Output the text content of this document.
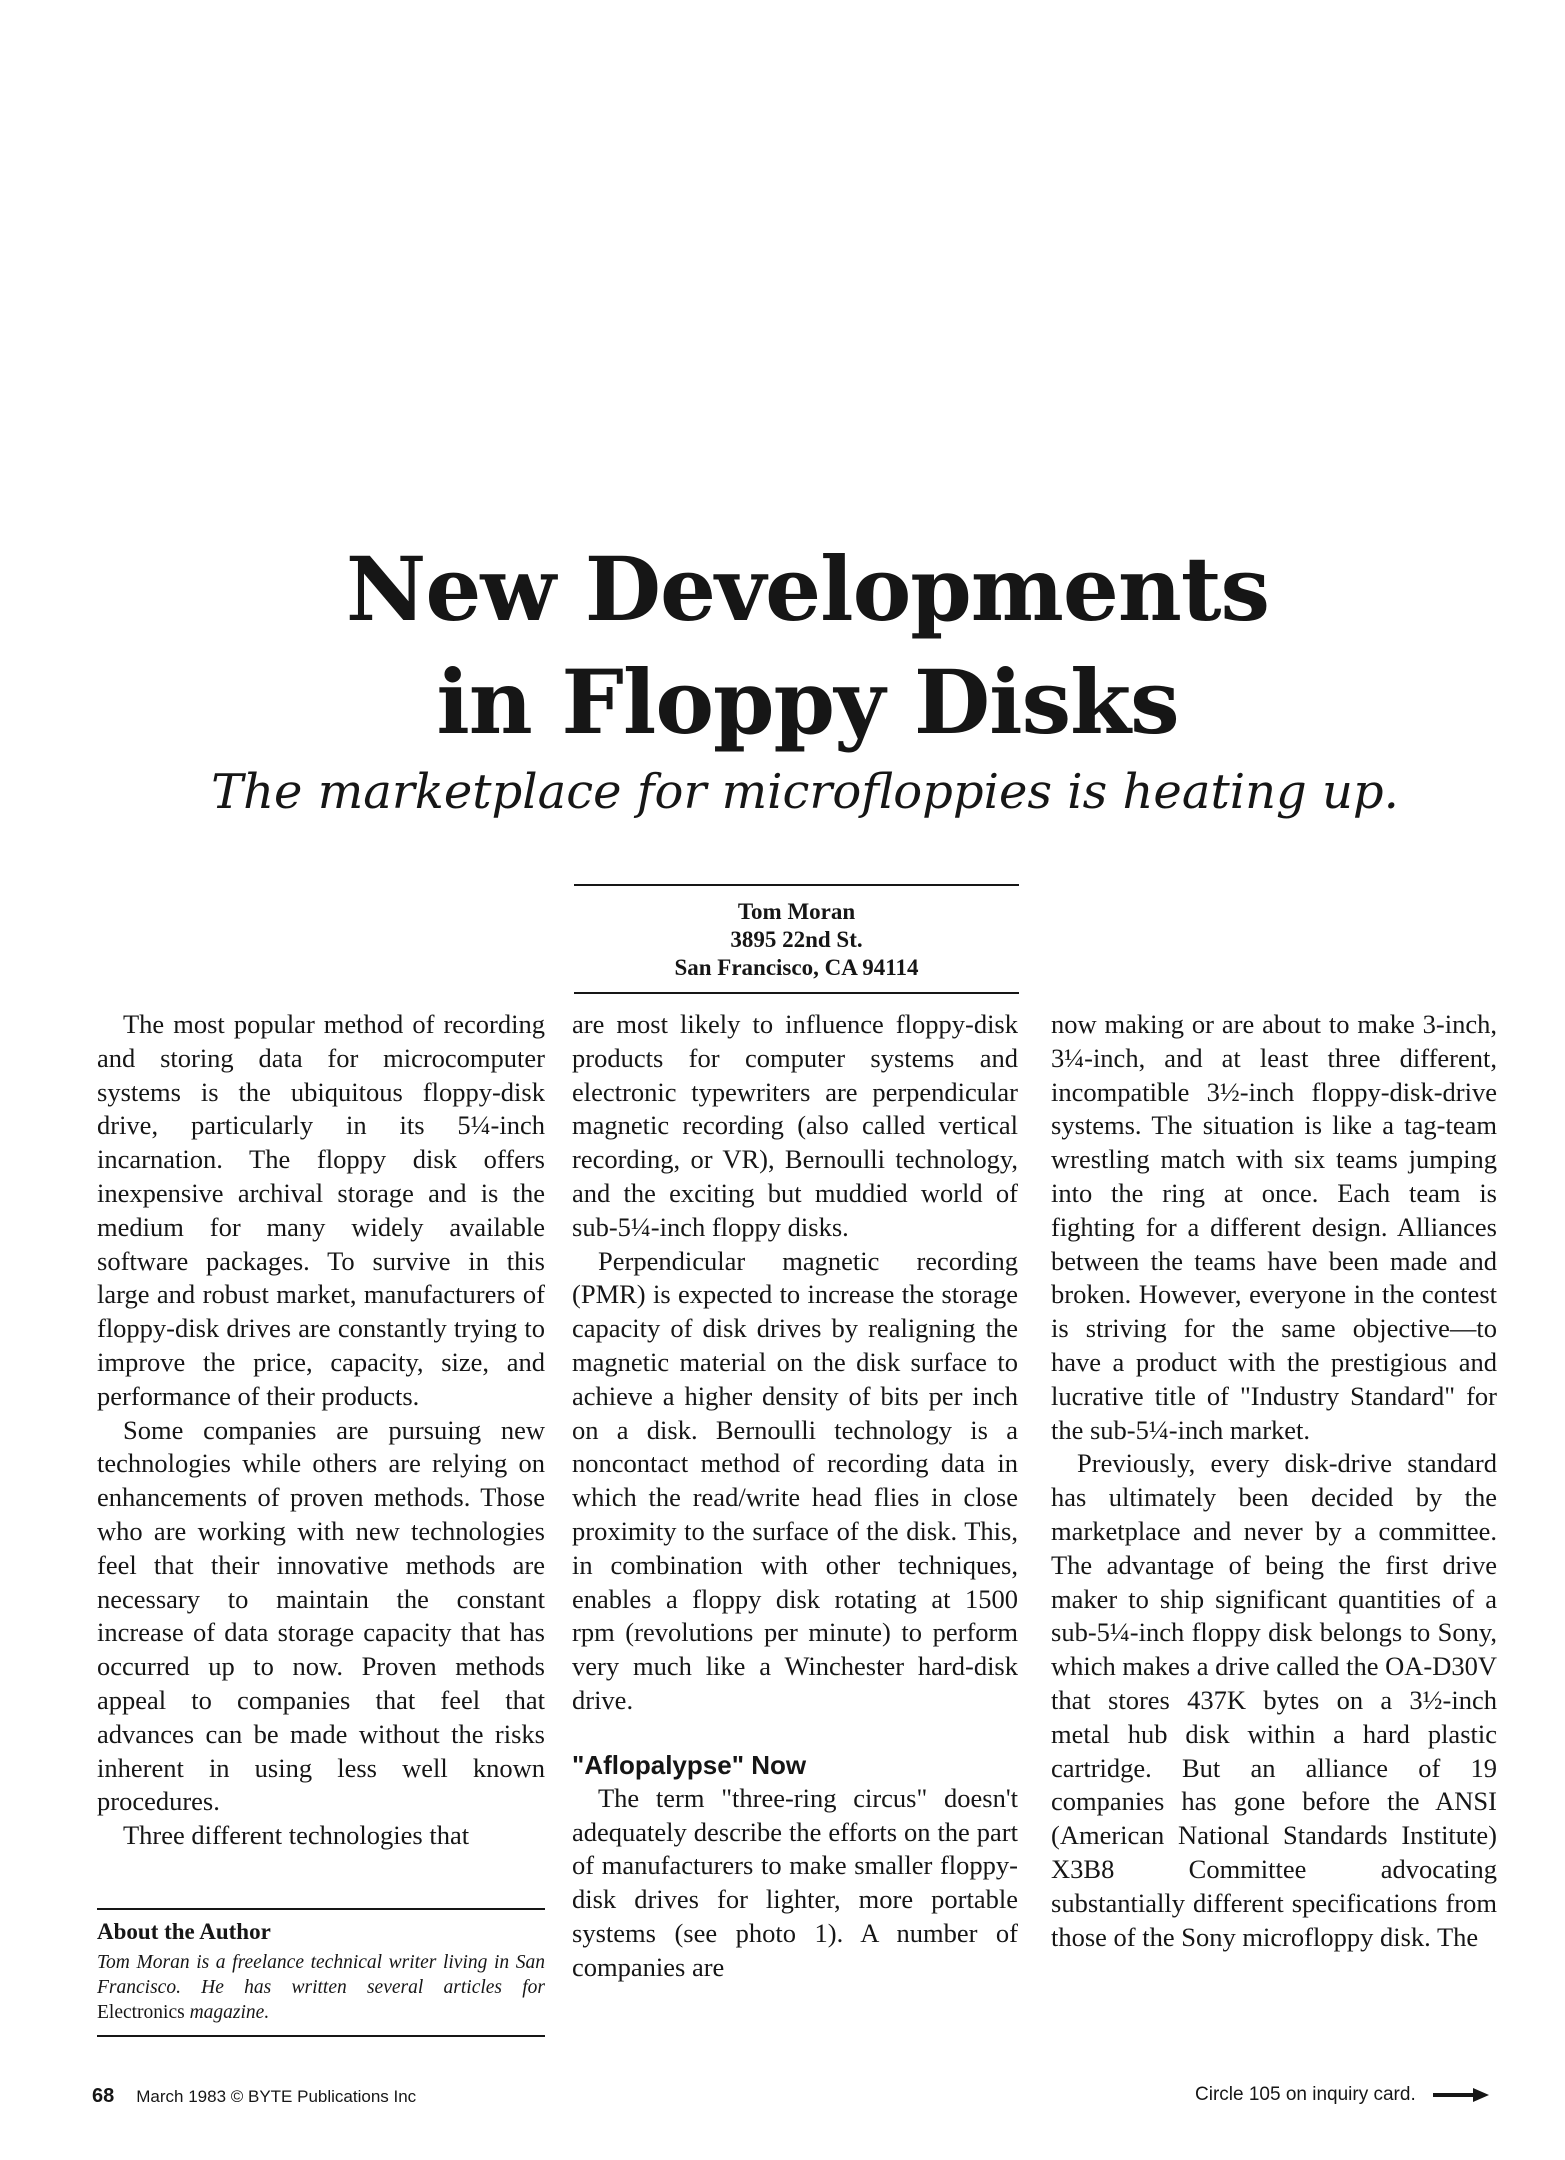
New Developments
in Floppy Disks

The marketplace for microfloppies is heating up.

Tom Moran
3895 22nd St.
San Francisco, CA 94114

The most popular method of recording and storing data for microcomputer systems is the ubiquitous floppy-disk drive, particularly in its 5¼-inch incarnation. The floppy disk offers inexpensive archival storage and is the medium for many widely available software packages. To survive in this large and robust market, manufacturers of floppy-disk drives are constantly trying to improve the price, capacity, size, and performance of their products.

Some companies are pursuing new technologies while others are relying on enhancements of proven methods. Those who are working with new technologies feel that their innovative methods are necessary to maintain the constant increase of data storage capacity that has occurred up to now. Proven methods appeal to companies that feel that advances can be made without the risks inherent in using less well known procedures.

Three different technologies that

are most likely to influence floppy-disk products for computer systems and electronic typewriters are perpendicular magnetic recording (also called vertical recording, or VR), Bernoulli technology, and the exciting but muddied world of sub-5¼-inch floppy disks.

Perpendicular magnetic recording (PMR) is expected to increase the storage capacity of disk drives by realigning the magnetic material on the disk surface to achieve a higher density of bits per inch on a disk. Bernoulli technology is a noncontact method of recording data in which the read/write head flies in close proximity to the surface of the disk. This, in combination with other techniques, enables a floppy disk rotating at 1500 rpm (revolutions per minute) to perform very much like a Winchester hard-disk drive.

"Aflopalypse" Now

The term "three-ring circus" doesn't adequately describe the efforts on the part of manufacturers to make smaller floppy-disk drives for lighter, more portable systems (see photo 1). A number of companies are

now making or are about to make 3-inch, 3¼-inch, and at least three different, incompatible 3½-inch floppy-disk-drive systems. The situation is like a tag-team wrestling match with six teams jumping into the ring at once. Each team is fighting for a different design. Alliances between the teams have been made and broken. However, everyone in the contest is striving for the same objective—to have a product with the prestigious and lucrative title of "Industry Standard" for the sub-5¼-inch market.

Previously, every disk-drive standard has ultimately been decided by the marketplace and never by a committee. The advantage of being the first drive maker to ship significant quantities of a sub-5¼-inch floppy disk belongs to Sony, which makes a drive called the OA-D30V that stores 437K bytes on a 3½-inch metal hub disk within a hard plastic cartridge. But an alliance of 19 companies has gone before the ANSI (American National Standards Institute) X3B8 Committee advocating substantially different specifications from those of the Sony microfloppy disk. The

About the Author

Tom Moran is a freelance technical writer living in San Francisco. He has written several articles for Electronics magazine.

68 March 1983 © BYTE Publications Inc	Circle 105 on inquiry card.
